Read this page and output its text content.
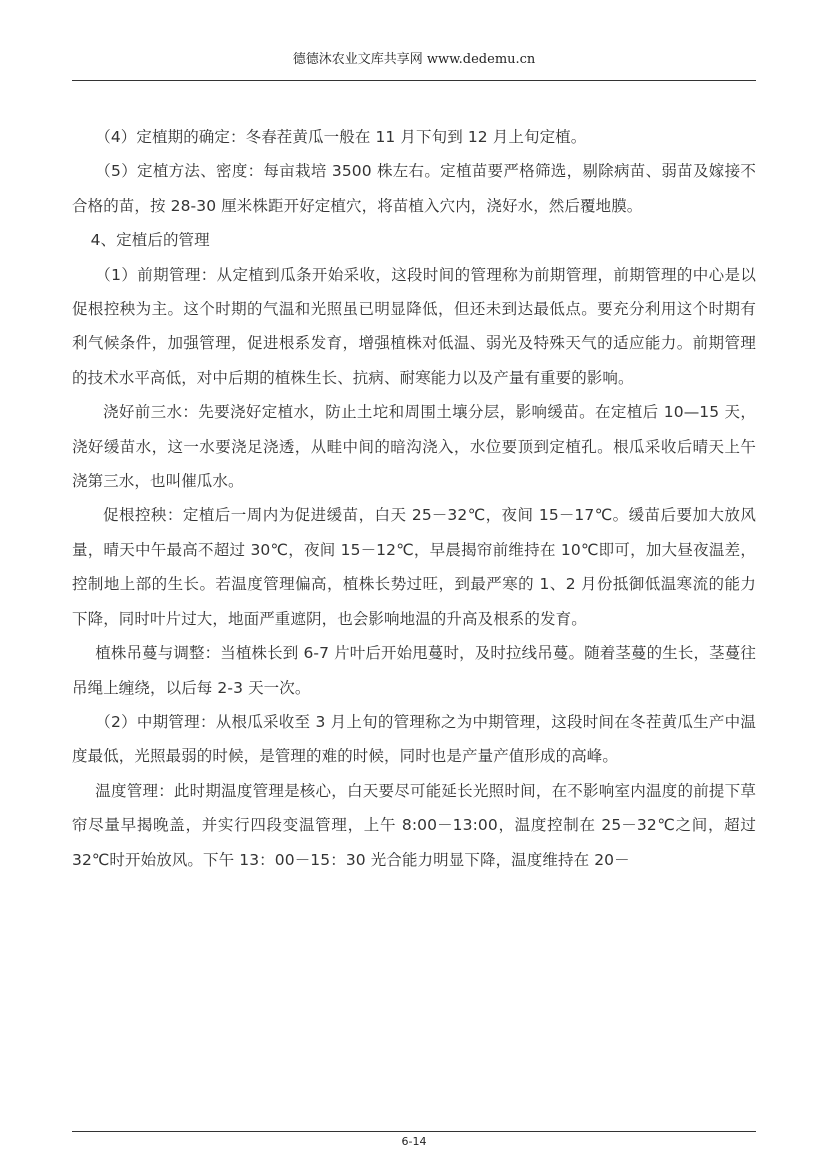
德德沐农业文库共享网 www.dedemu.cn

（4）定植期的确定：冬春茬黄瓜一般在 11 月下旬到 12 月上旬定植。

（5）定植方法、密度：每亩栽培 3500 株左右。定植苗要严格筛选，剔除病苗、弱苗及嫁接不合格的苗，按 28-30 厘米株距开好定植穴，将苗植入穴内，浇好水，然后覆地膜。

4、定植后的管理

（1）前期管理：从定植到瓜条开始采收，这段时间的管理称为前期管理，前期管理的中心是以促根控秧为主。这个时期的气温和光照虽已明显降低，但还未到达最低点。要充分利用这个时期有利气候条件，加强管理，促进根系发育，增强植株对低温、弱光及特殊天气的适应能力。前期管理的技术水平高低，对中后期的植株生长、抗病、耐寒能力以及产量有重要的影响。

浇好前三水：先要浇好定植水，防止土坨和周围土壤分层，影响缓苗。在定植后 10—15 天，浇好缓苗水，这一水要浇足浇透，从畦中间的暗沟浇入，水位要顶到定植孔。根瓜采收后晴天上午浇第三水，也叫催瓜水。

促根控秧：定植后一周内为促进缓苗，白天 25－32℃，夜间 15－17℃。缓苗后要加大放风量，晴天中午最高不超过 30℃，夜间 15－12℃，早晨揭帘前维持在 10℃即可，加大昼夜温差，控制地上部的生长。若温度管理偏高，植株长势过旺，到最严寒的 1、2 月份抵御低温寒流的能力下降，同时叶片过大，地面严重遮阴，也会影响地温的升高及根系的发育。

植株吊蔓与调整：当植株长到 6-7 片叶后开始甩蔓时，及时拉线吊蔓。随着茎蔓的生长，茎蔓往吊绳上缠绕，以后每 2-3 天一次。

（2）中期管理：从根瓜采收至 3 月上旬的管理称之为中期管理，这段时间在冬茬黄瓜生产中温度最低，光照最弱的时候，是管理的难的时候，同时也是产量产值形成的高峰。

温度管理：此时期温度管理是核心，白天要尽可能延长光照时间，在不影响室内温度的前提下草帘尽量早揭晚盖，并实行四段变温管理，上午 8:00－13:00，温度控制在 25－32℃之间，超过 32℃时开始放风。下午 13：00－15：30 光合能力明显下降，温度维持在 20－

6-14
